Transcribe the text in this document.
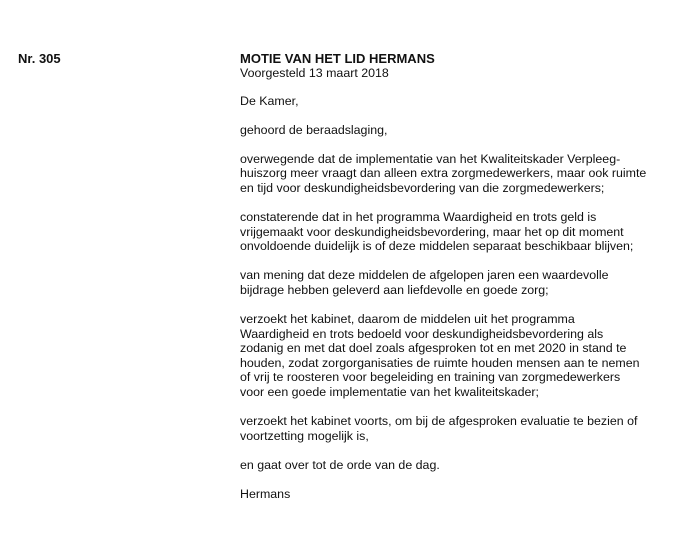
Nr. 305	MOTIE VAN HET LID HERMANS
Voorgesteld 13 maart 2018
De Kamer,
gehoord de beraadslaging,
overwegende dat de implementatie van het Kwaliteitskader Verpleeg-
huiszorg meer vraagt dan alleen extra zorgmedewerkers, maar ook ruimte
en tijd voor deskundigheidsbevordering van die zorgmedewerkers;
constaterende dat in het programma Waardigheid en trots geld is
vrijgemaakt voor deskundigheidsbevordering, maar het op dit moment
onvoldoende duidelijk is of deze middelen separaat beschikbaar blijven;
van mening dat deze middelen de afgelopen jaren een waardevolle
bijdrage hebben geleverd aan liefdevolle en goede zorg;
verzoekt het kabinet, daarom de middelen uit het programma
Waardigheid en trots bedoeld voor deskundigheidsbevordering als
zodanig en met dat doel zoals afgesproken tot en met 2020 in stand te
houden, zodat zorgorganisaties de ruimte houden mensen aan te nemen
of vrij te roosteren voor begeleiding en training van zorgmedewerkers
voor een goede implementatie van het kwaliteitskader;
verzoekt het kabinet voorts, om bij de afgesproken evaluatie te bezien of
voortzetting mogelijk is,
en gaat over tot de orde van de dag.
Hermans
